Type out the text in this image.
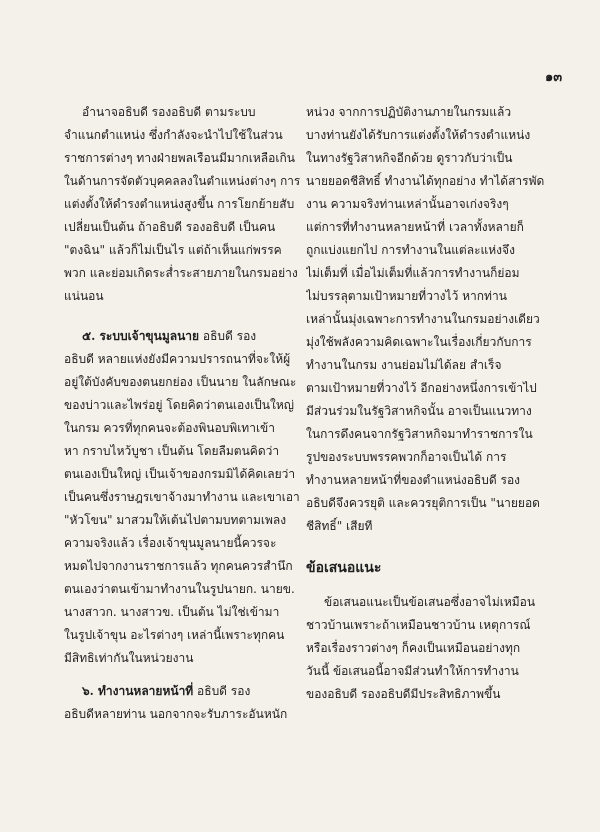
๑๓
อำนาจอธิบดี รองอธิบดี ตามระบบ
จำแนกตำแหน่ง ซึ่งกำลังจะนำไปใช้ในส่วน
ราชการต่างๆ ทางฝ่ายพลเรือนมีมากเหลือเกิน
ในด้านการจัดตัวบุคคลลงในตำแหน่งต่างๆ การ
แต่งตั้งให้ดำรงตำแหน่งสูงขึ้น การโยกย้ายสับ
เปลี่ยนเป็นต้น ถ้าอธิบดี รองอธิบดี เป็นคน
"ตงฉิน" แล้วก็ไม่เป็นไร แต่ถ้าเห็นแก่พรรค
พวก และย่อมเกิดระส่ำระสายภายในกรมอย่าง
แน่นอน
๕. ระบบเจ้าขุนมูลนาย อธิบดี รอง
อธิบดี หลายแห่งยังมีความปรารถนาที่จะให้ผู้
อยู่ใต้บังคับของตนยกย่อง เป็นนาย ในลักษณะ
ของบ่าวและไพร่อยู่ โดยคิดว่าตนเองเป็นใหญ่
ในกรม ควรที่ทุกคนจะต้องพินอบพิเทาเข้า
หา กราบไหว้บูชา เป็นต้น โดยลืมตนคิดว่า
ตนเองเป็นใหญ่ เป็นเจ้าของกรมมิได้คิดเลยว่า
เป็นคนซึ่งราษฎรเขาจ้างมาทำงาน และเขาเอา
"หัวโขน" มาสวมให้เต้นไปตามบทตามเพลง
ความจริงแล้ว เรื่องเจ้าขุนมูลนายนี้ควรจะ
หมดไปจากงานราชการแล้ว ทุกคนควรสำนึก
ตนเองว่าตนเข้ามาทำงานในรูปนายก. นายข.
นางสาวก. นางสาวข. เป็นต้น ไม่ใช่เข้ามา
ในรูปเจ้าขุน อะไรต่างๆ เหล่านี้เพราะทุกคน
มีสิทธิเท่ากันในหน่วยงาน
๖. ทำงานหลายหน้าที่ อธิบดี รอง
อธิบดีหลายท่าน นอกจากจะรับภาระอันหนัก
หน่วง จากการปฏิบัติงานภายในกรมแล้ว
บางท่านยังได้รับการแต่งตั้งให้ดำรงตำแหน่ง
ในทางรัฐวิสาหกิจอีกด้วย ดูราวกับว่าเป็น
นายยอดชีสิทธิ์ ทำงานได้ทุกอย่าง ทำได้สารพัด
งาน ความจริงท่านเหล่านั้นอาจเก่งจริงๆ
แต่การที่ทำงานหลายหน้าที่ เวลาทั้งหลายก็
ถูกแบ่งแยกไป การทำงานในแต่ละแห่งจึง
ไม่เต็มที่ เมื่อไม่เต็มที่แล้วการทำงานก็ย่อม
ไม่บรรลุตามเป้าหมายที่วางไว้ หากท่าน
เหล่านั้นมุ่งเฉพาะการทำงานในกรมอย่างเดียว
มุ่งใช้พลังความคิดเฉพาะในเรื่องเกี่ยวกับการ
ทำงานในกรม งานย่อมไม่ได้ลย สำเร็จ
ตามเป้าหมายที่วางไว้ อีกอย่างหนึ่งการเข้าไป
มีส่วนร่วมในรัฐวิสาหกิจนั้น อาจเป็นแนวทาง
ในการดึงคนจากรัฐวิสาหกิจมาทำราชการใน
รูปของระบบพรรคพวกก็อาจเป็นได้ การ
ทำงานหลายหน้าที่ของตำแหน่งอธิบดี รอง
อธิบดีจึงควรยุติ และควรยุติการเป็น "นายยอด
ชีสิทธิ์" เสียที
ข้อเสนอแนะ
ข้อเสนอแนะเป็นข้อเสนอซึ่งอาจไม่เหมือน
ชาวบ้านเพราะถ้าเหมือนชาวบ้าน เหตุการณ์
หรือเรื่องราวต่างๆ ก็คงเป็นเหมือนอย่างทุก
วันนี้ ข้อเสนอนี้อาจมีส่วนทำให้การทำงาน
ของอธิบดี รองอธิบดีมีประสิทธิภาพขึ้น
